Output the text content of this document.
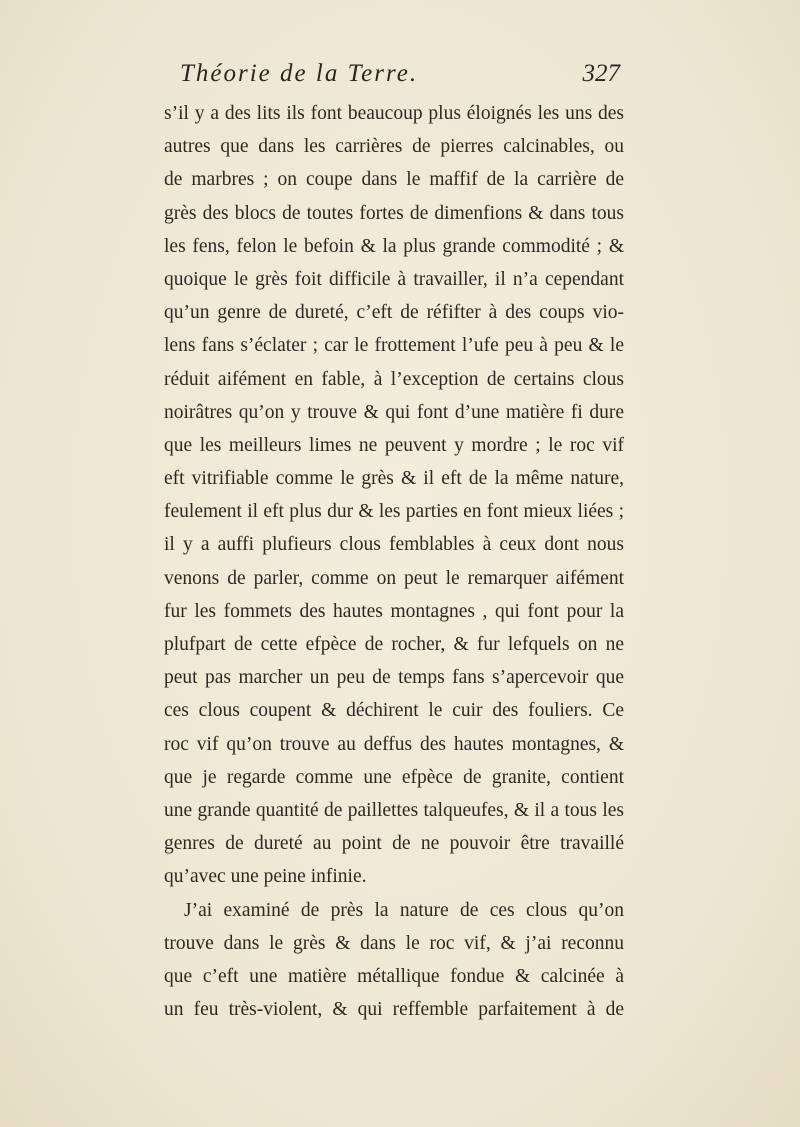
Théorie de la Terre.	327
s’il y a des lits ils font beaucoup plus éloignés les uns des
autres que dans les carrières de pierres calcinables, ou
de marbres ; on coupe dans le maffif de la carrière de
grès des blocs de toutes fortes de dimenfions & dans tous
les fens, felon le befoin & la plus grande commodité ; &
quoique le grès foit difficile à travailler, il n’a cependant
qu’un genre de dureté, c’eft de réfifter à des coups vio-
lens fans s’éclater ; car le frottement l’ufe peu à peu & le
réduit aifément en fable, à l’exception de certains clous
noirâtres qu’on y trouve & qui font d’une matière fi dure
que les meilleurs limes ne peuvent y mordre ; le roc vif
eft vitrifiable comme le grès & il eft de la même nature,
feulement il eft plus dur & les parties en font mieux liées ;
il y a auffi plufieurs clous femblables à ceux dont nous
venons de parler, comme on peut le remarquer aifément
fur les fommets des hautes montagnes , qui font pour la
plufpart de cette efpèce de rocher, & fur lefquels on ne
peut pas marcher un peu de temps fans s’apercevoir que
ces clous coupent & déchirent le cuir des fouliers. Ce
roc vif qu’on trouve au deffus des hautes montagnes, &
que je regarde comme une efpèce de granite, contient
une grande quantité de paillettes talqueufes, & il a tous les
genres de dureté au point de ne pouvoir être travaillé
qu’avec une peine infinie.
J’ai examiné de près la nature de ces clous qu’on
trouve dans le grès & dans le roc vif, & j’ai reconnu
que c’eft une matière métallique fondue & calcinée à
un feu très-violent, & qui reffemble parfaitement à de
